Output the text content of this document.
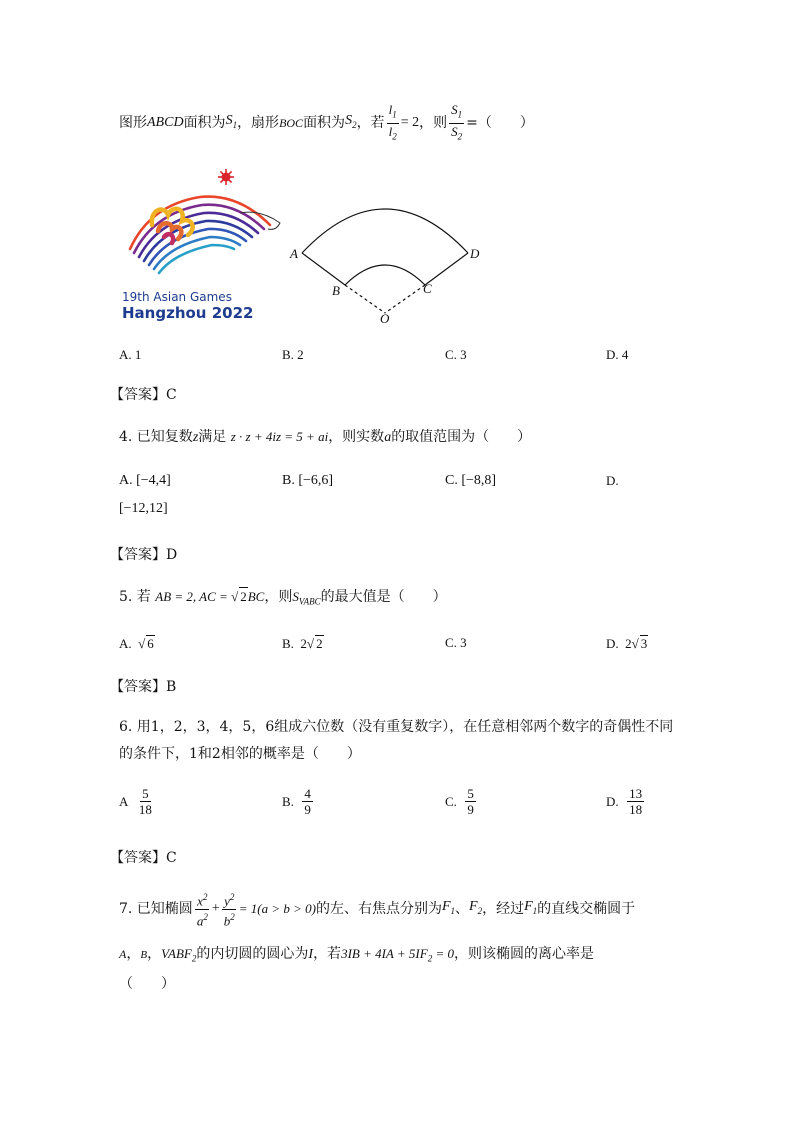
图形 ABCD 面积为 $S_1$ ，扇形 BOC 面积为 $S_2$ ，若 $\frac{l_1}{l_2} = 2$ ，则 $\frac{S_1}{S_2}$ =（　　）
19th Asian Games
Hangzhou 2022
A
B	C
D
O
A. 1	B. 2	C. 3	D. 4
【答案】C
4. 已知复数z满足 z · z + 4iz = 5 + ai，则实数a的取值范围为（　　）
A. [−4,4]	B. [−6,6]	C. [−8,8]	D.
[−12,12]
【答案】D
5. 若 AB = 2, AC = √ 2BC，则$S_{VABC}$的最大值是（　　）
A. √ 6	B. 2√ 2	C. 3	D. 2√ 3
【答案】B
6. 用1，2，3，4，5，6组成六位数（没有重复数字），在任意相邻两个数字的奇偶性不同
的条件下，1和2相邻的概率是（　　）
A
$\frac{5}{18}$	B.
$\frac{4}{9}$	C.
$\frac{5}{9}$	D.
$\frac{13}{18}$
【答案】C
7. 已知椭圆 $\frac{x^2}{a^2} + \frac{y^2}{b^2} = 1(a > b > 0)$ 的左、右焦点分别为 $F_1$ 、 $F_2$ ，经过 $F_1$ 的直线交椭圆于
A，B，$VABF_2$的内切圆的圆心为I，若$3IB + 4IA + 5IF_2 = 0$，则该椭圆的离心率是
（　　）
